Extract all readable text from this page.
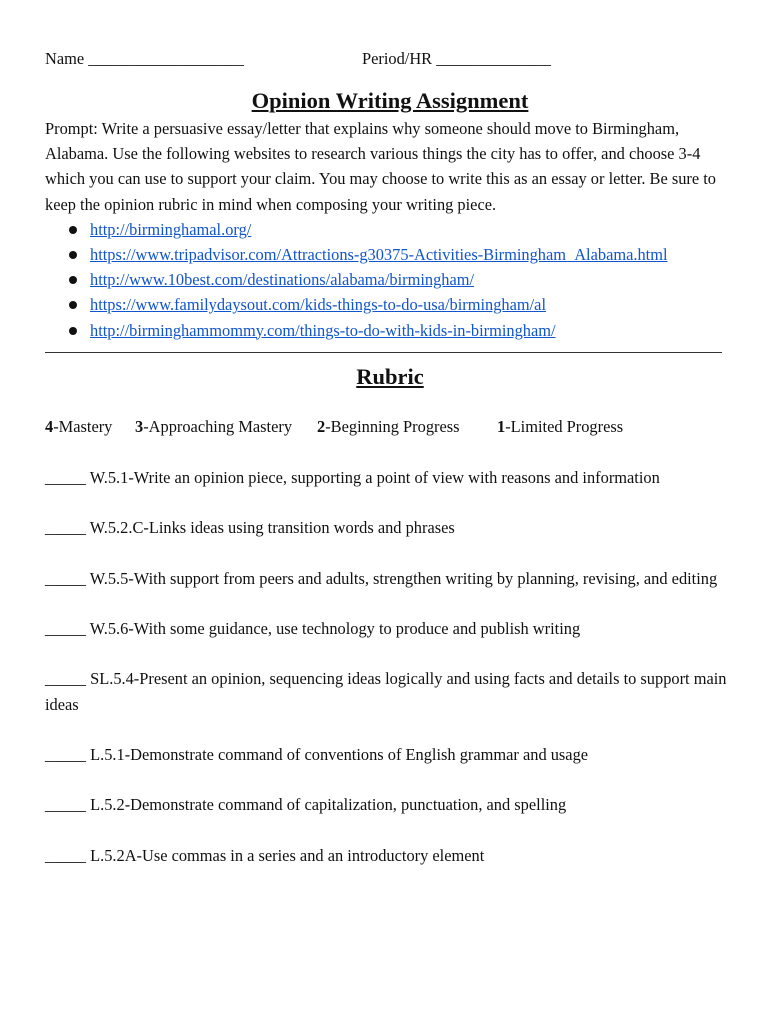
Name ___________________	Period/HR ______________
Opinion Writing Assignment

Prompt: Write a persuasive essay/letter that explains why someone should move to Birmingham, Alabama. Use the following websites to research various things the city has to offer, and choose 3-4 which you can use to support your claim. You may choose to write this as an essay or letter. Be sure to keep the opinion rubric in mind when composing your writing piece.

http://birminghamal.org/
https://www.tripadvisor.com/Attractions-g30375-Activities-Birmingham_Alabama.html
http://www.10best.com/destinations/alabama/birmingham/
https://www.familydaysout.com/kids-things-to-do-usa/birmingham/al
http://birminghammommy.com/things-to-do-with-kids-in-birmingham/
Rubric
4-Mastery 3-Approaching Mastery 2-Beginning Progress 1-Limited Progress

_____ W.5.1-Write an opinion piece, supporting a point of view with reasons and information

_____ W.5.2.C-Links ideas using transition words and phrases

_____ W.5.5-With support from peers and adults, strengthen writing by planning, revising, and editing

_____ W.5.6-With some guidance, use technology to produce and publish writing

_____ SL.5.4-Present an opinion, sequencing ideas logically and using facts and details to support main ideas

_____ L.5.1-Demonstrate command of conventions of English grammar and usage

_____ L.5.2-Demonstrate command of capitalization, punctuation, and spelling

_____ L.5.2A-Use commas in a series and an introductory element
